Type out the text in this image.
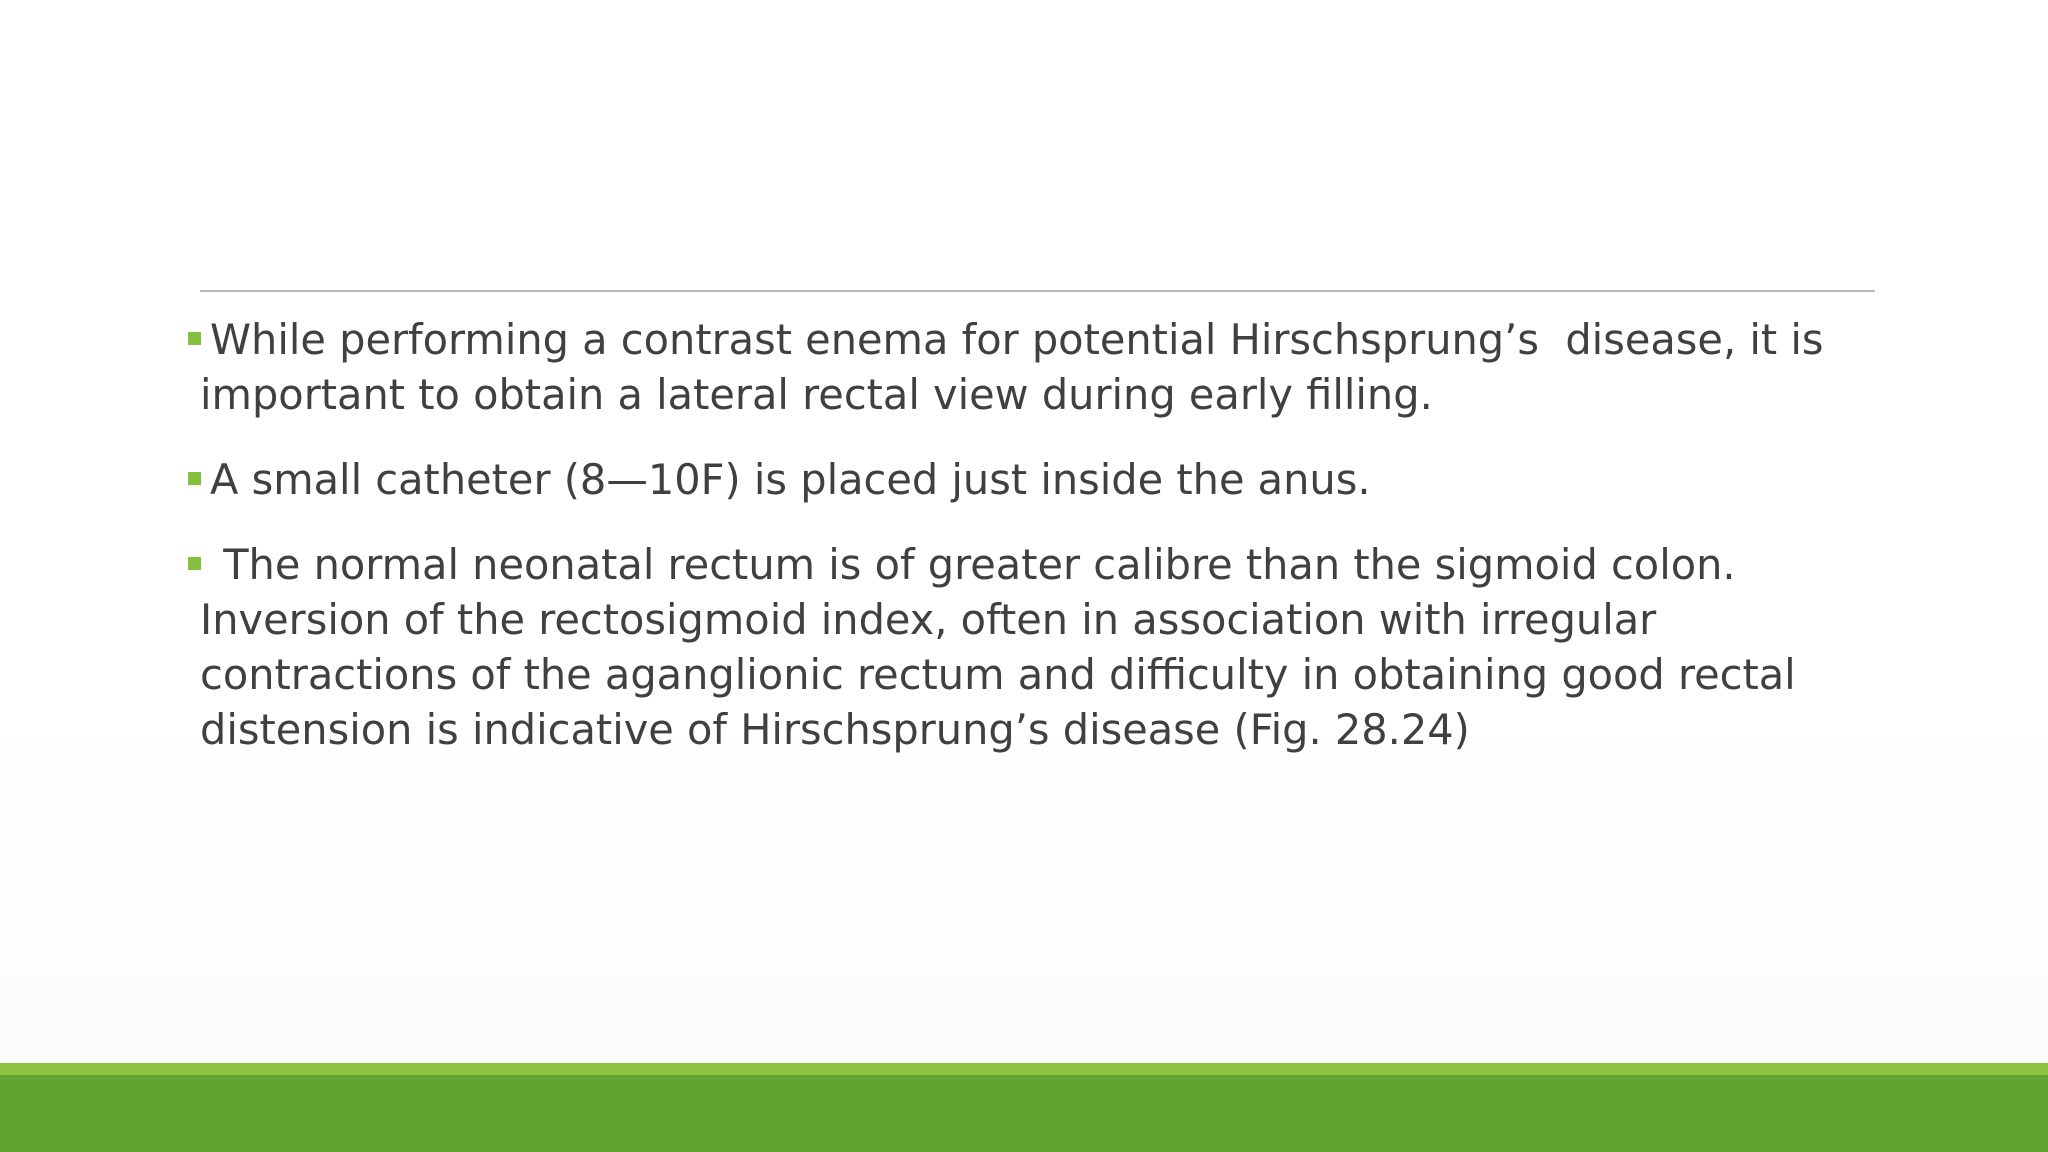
While performing a contrast enema for potential Hirschsprung’s  disease, it is
important to obtain a lateral rectal view during early filling.
A small catheter (8—10F) is placed just inside the anus.
The normal neonatal rectum is of greater calibre than the sigmoid colon.
Inversion of the rectosigmoid index, often in association with irregular
contractions of the aganglionic rectum and difficulty in obtaining good rectal
distension is indicative of Hirschsprung’s disease (Fig. 28.24)
